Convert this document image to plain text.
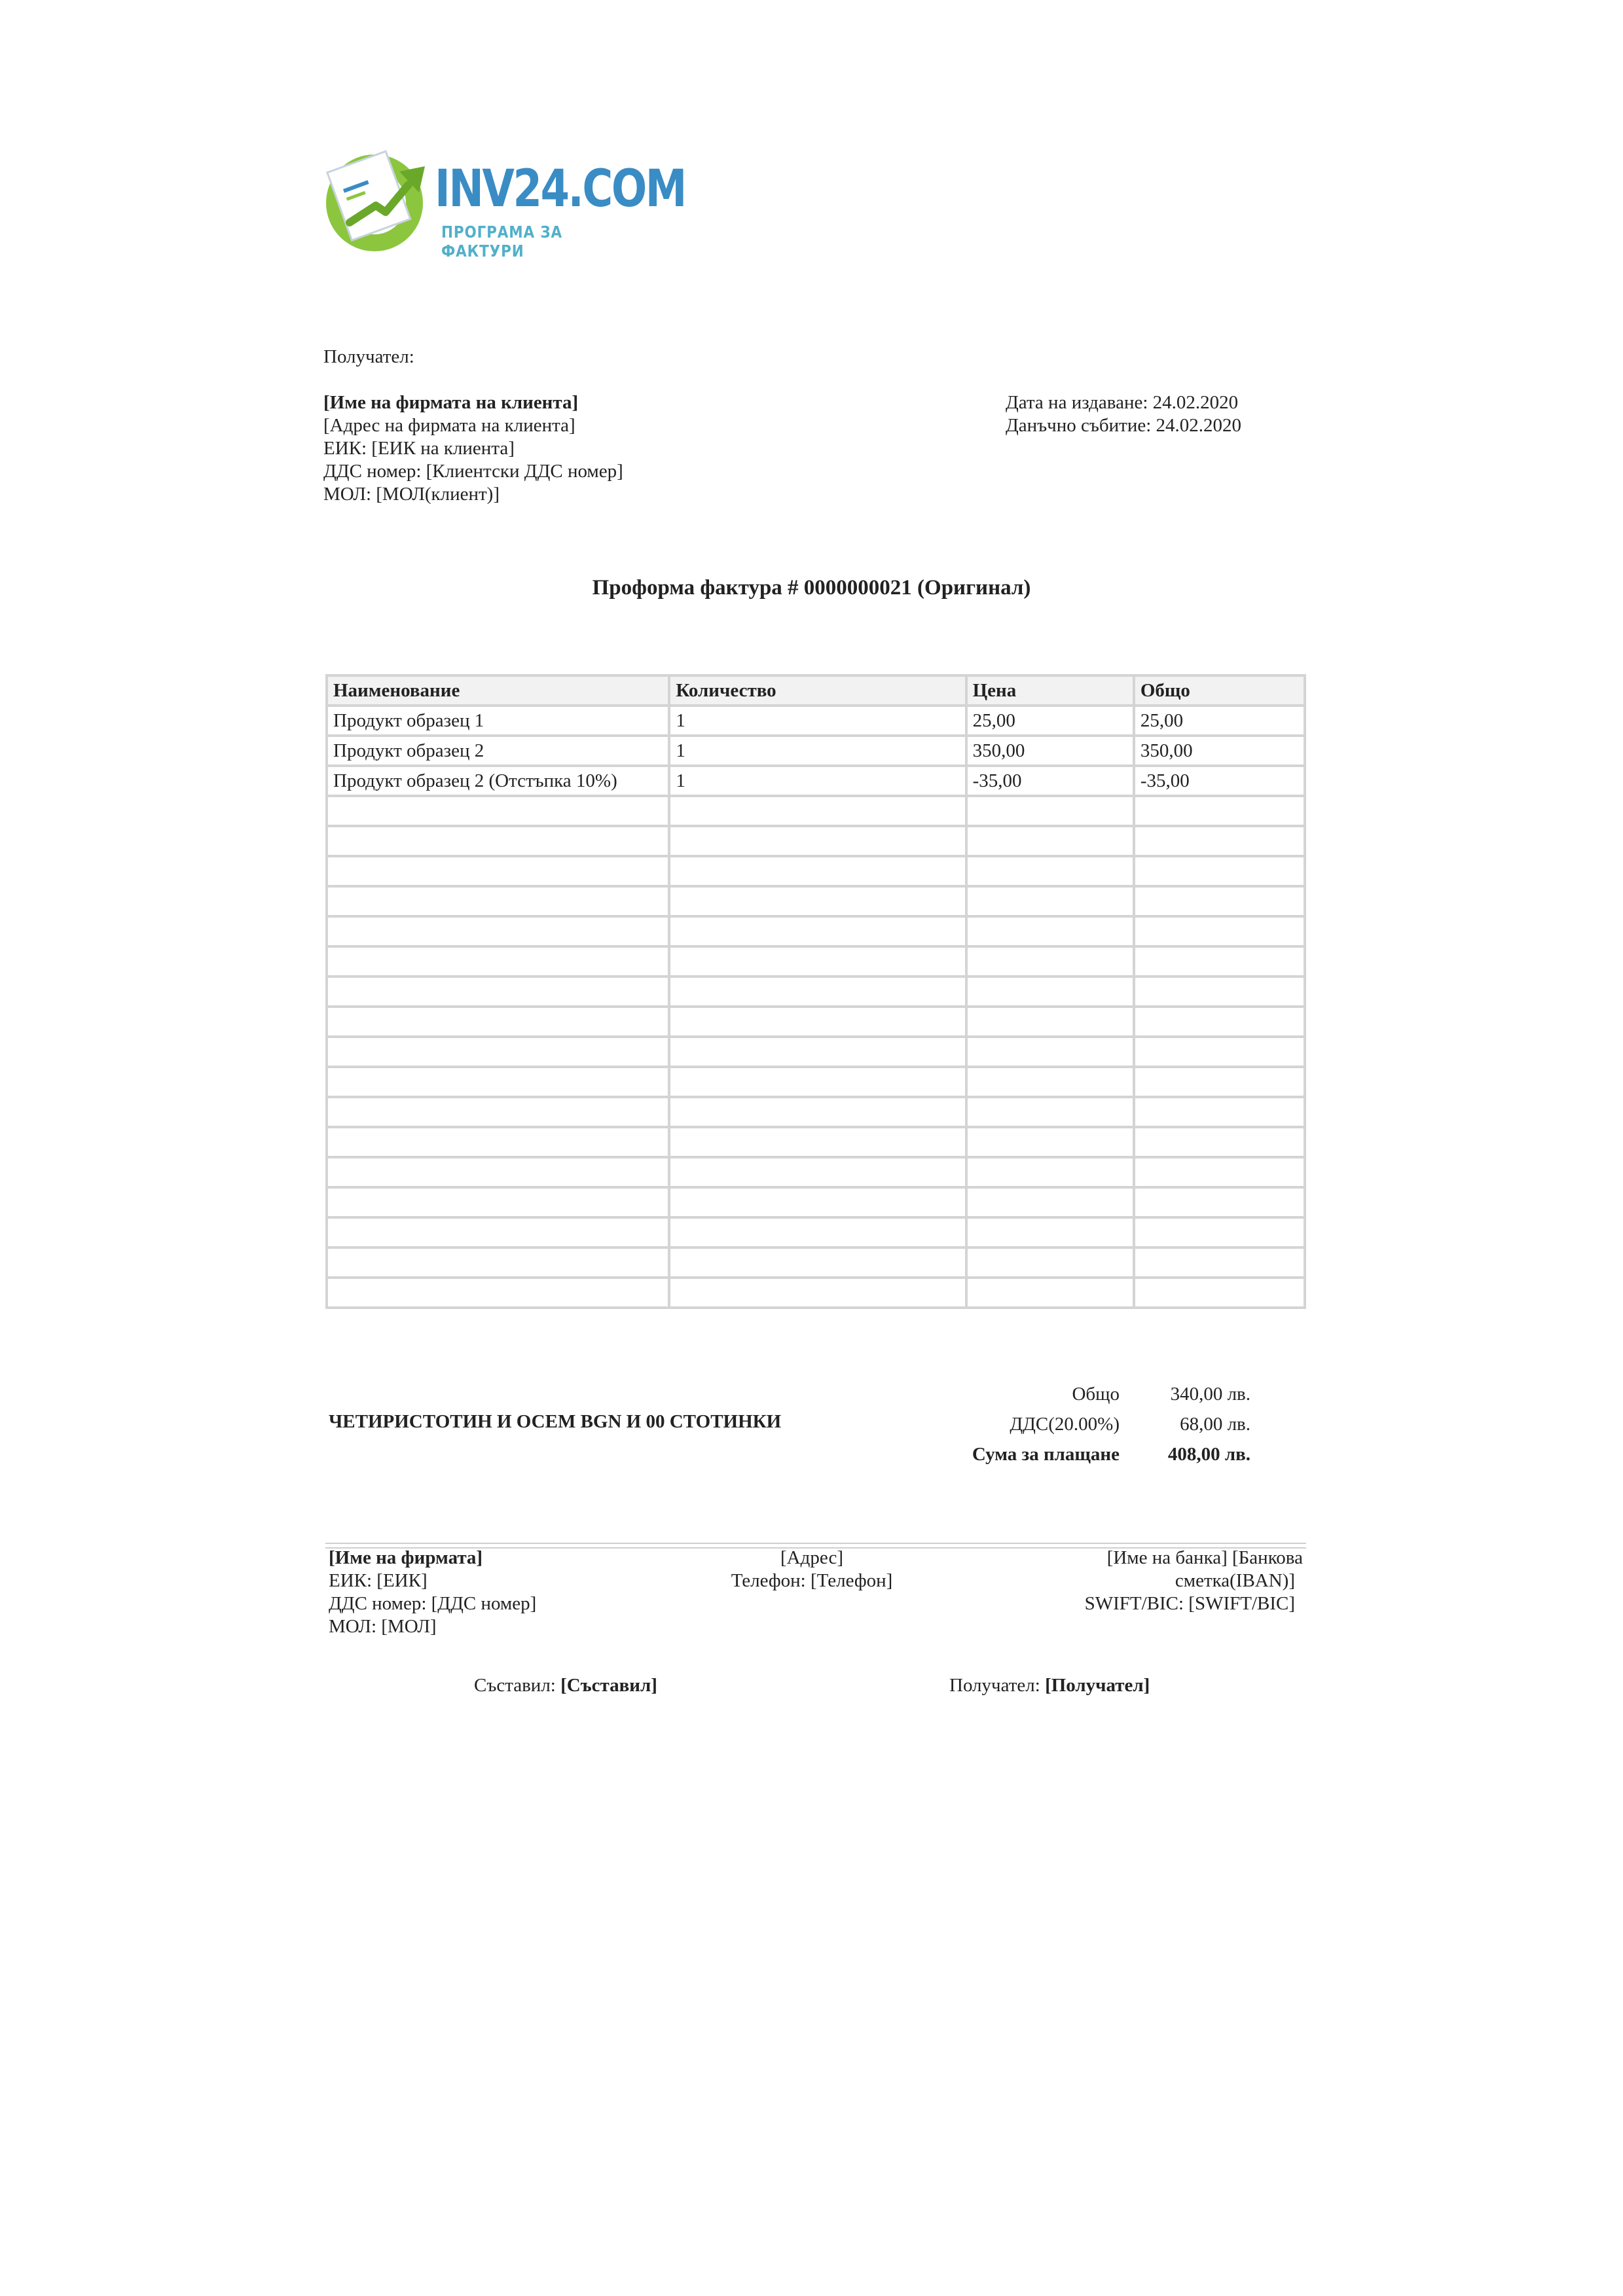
INV24.COM
ПРОГРАМА ЗА ФАКТУРИ
Получател:
[Име на фирмата на клиента]
[Адрес на фирмата на клиента]
ЕИК: [ЕИК на клиента]
ДДС номер: [Клиентски ДДС номер]
МОЛ: [МОЛ(клиент)]
Дата на издаване: 24.02.2020
Данъчно събитие: 24.02.2020
Проформа фактура # 0000000021 (Оригинал)
Наименование	Количество	Цена	Общо
Продукт образец 1	1	25,00	25,00
Продукт образец 2	1	350,00	350,00
Продукт образец 2 (Отстъпка 10%)	1	-35,00	-35,00

ЧЕТИРИСТОТИН И ОСЕМ BGN И 00 СТОТИНКИ
Общо	340,00 лв.
ДДС(20.00%)	68,00 лв.
Сума за плащане	408,00 лв.
[Име на фирмата]
ЕИК: [ЕИК]
ДДС номер: [ДДС номер]
МОЛ: [МОЛ]
[Адрес]
Телефон: [Телефон]
[Име на банка] [Банкова
сметка(IBAN)]
SWIFT/BIC: [SWIFT/BIC]
Съставил: [Съставил]	Получател: [Получател]
